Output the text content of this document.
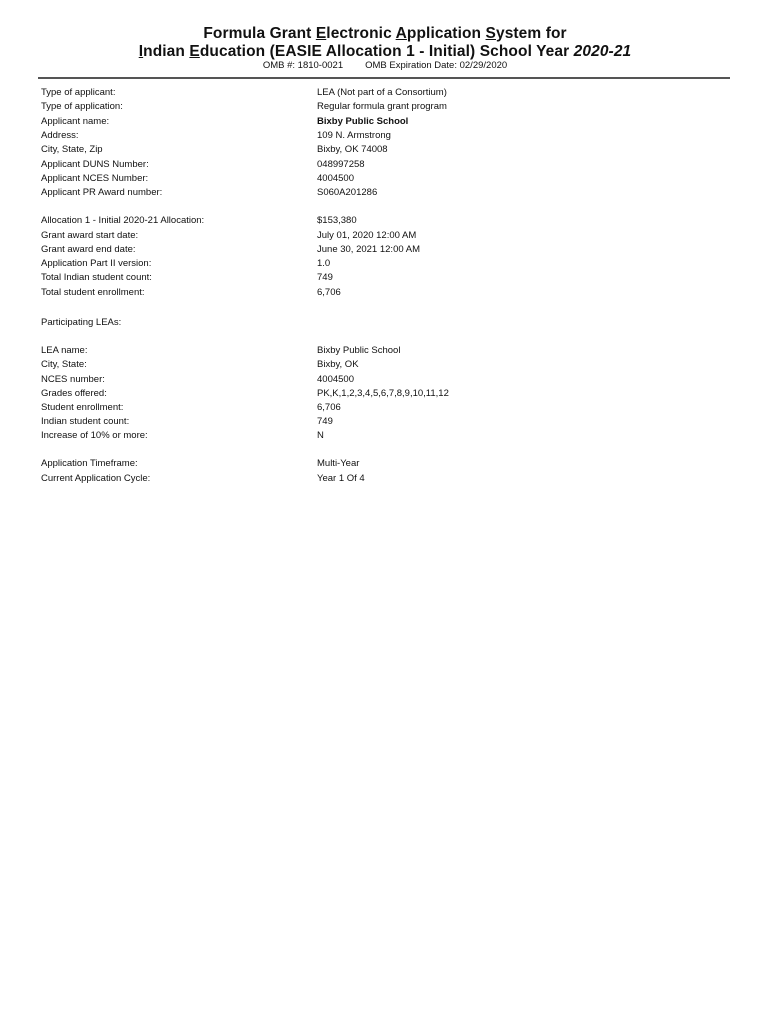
Formula Grant Electronic Application System for
Indian Education (EASIE Allocation 1 - Initial) School Year 2020-21
OMB #: 1810-0021 OMB Expiration Date: 02/29/2020
Type of applicant:	LEA (Not part of a Consortium)
Type of application:	Regular formula grant program
Applicant name:	Bixby Public School
Address:	109 N. Armstrong
City, State, Zip	Bixby, OK 74008
Applicant DUNS Number:	048997258
Applicant NCES Number:	4004500
Applicant PR Award number:	S060A201286
Allocation 1 - Initial 2020-21 Allocation:	$153,380
Grant award start date:	July 01, 2020 12:00 AM
Grant award end date:	June 30, 2021 12:00 AM
Application Part II version:	1.0
Total Indian student count:	749
Total student enrollment:	6,706
Participating LEAs:
LEA name:	Bixby Public School
City, State:	Bixby, OK
NCES number:	4004500
Grades offered:	PK,K,1,2,3,4,5,6,7,8,9,10,11,12
Student enrollment:	6,706
Indian student count:	749
Increase of 10% or more:	N
Application Timeframe:	Multi-Year
Current Application Cycle:	Year 1 Of 4
